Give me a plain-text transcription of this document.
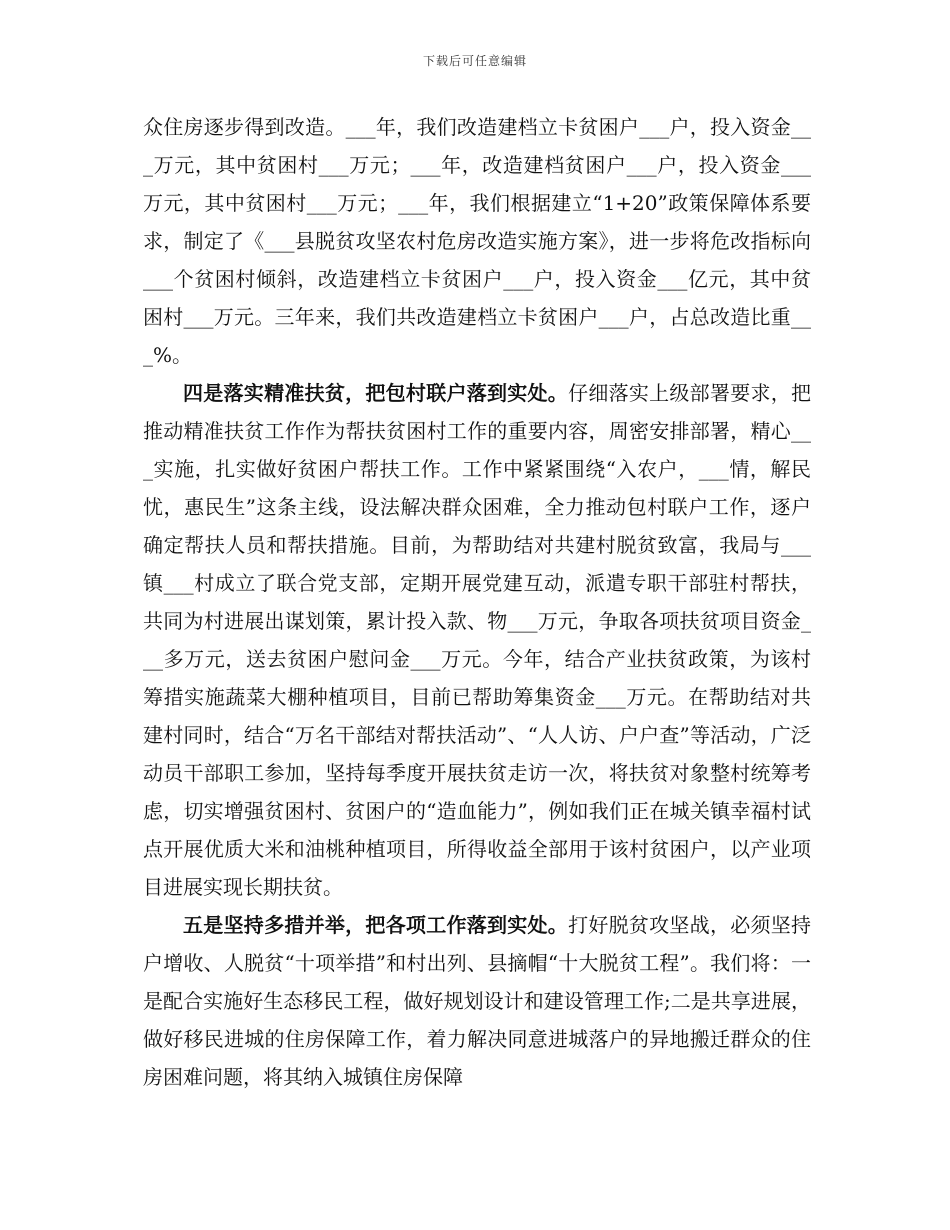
下载后可任意编辑

众住房逐步得到改造。___年，我们改造建档立卡贫困户___户，投入资金___万元，其中贫困村___万元；___年，改造建档贫困户___户，投入资金___万元，其中贫困村___万元；___年，我们根据建立“1+20”政策保障体系要求，制定了《___县脱贫攻坚农村危房改造实施方案》，进一步将危改指标向___个贫困村倾斜，改造建档立卡贫困户___户，投入资金___亿元，其中贫困村___万元。三年来，我们共改造建档立卡贫困户___户，占总改造比重___%。

四是落实精准扶贫，把包村联户落到实处。仔细落实上级部署要求，把推动精准扶贫工作作为帮扶贫困村工作的重要内容，周密安排部署，精心___实施，扎实做好贫困户帮扶工作。工作中紧紧围绕“入农户，___情，解民忧，惠民生”这条主线，设法解决群众困难，全力推动包村联户工作，逐户确定帮扶人员和帮扶措施。目前，为帮助结对共建村脱贫致富，我局与___镇___村成立了联合党支部，定期开展党建互动，派遣专职干部驻村帮扶，共同为村进展出谋划策，累计投入款、物___万元，争取各项扶贫项目资金___多万元，送去贫困户慰问金___万元。今年，结合产业扶贫政策，为该村筹措实施蔬菜大棚种植项目，目前已帮助筹集资金___万元。在帮助结对共建村同时，结合“万名干部结对帮扶活动”、“人人访、户户查”等活动，广泛动员干部职工参加，坚持每季度开展扶贫走访一次，将扶贫对象整村统筹考虑，切实增强贫困村、贫困户的“造血能力”，例如我们正在城关镇幸福村试点开展优质大米和油桃种植项目，所得收益全部用于该村贫困户，以产业项目进展实现长期扶贫。

五是坚持多措并举，把各项工作落到实处。打好脱贫攻坚战，必须坚持户增收、人脱贫“十项举措”和村出列、县摘帽“十大脱贫工程”。我们将：一是配合实施好生态移民工程，做好规划设计和建设管理工作;二是共享进展，做好移民进城的住房保障工作，着力解决同意进城落户的异地搬迁群众的住房困难问题，将其纳入城镇住房保障
